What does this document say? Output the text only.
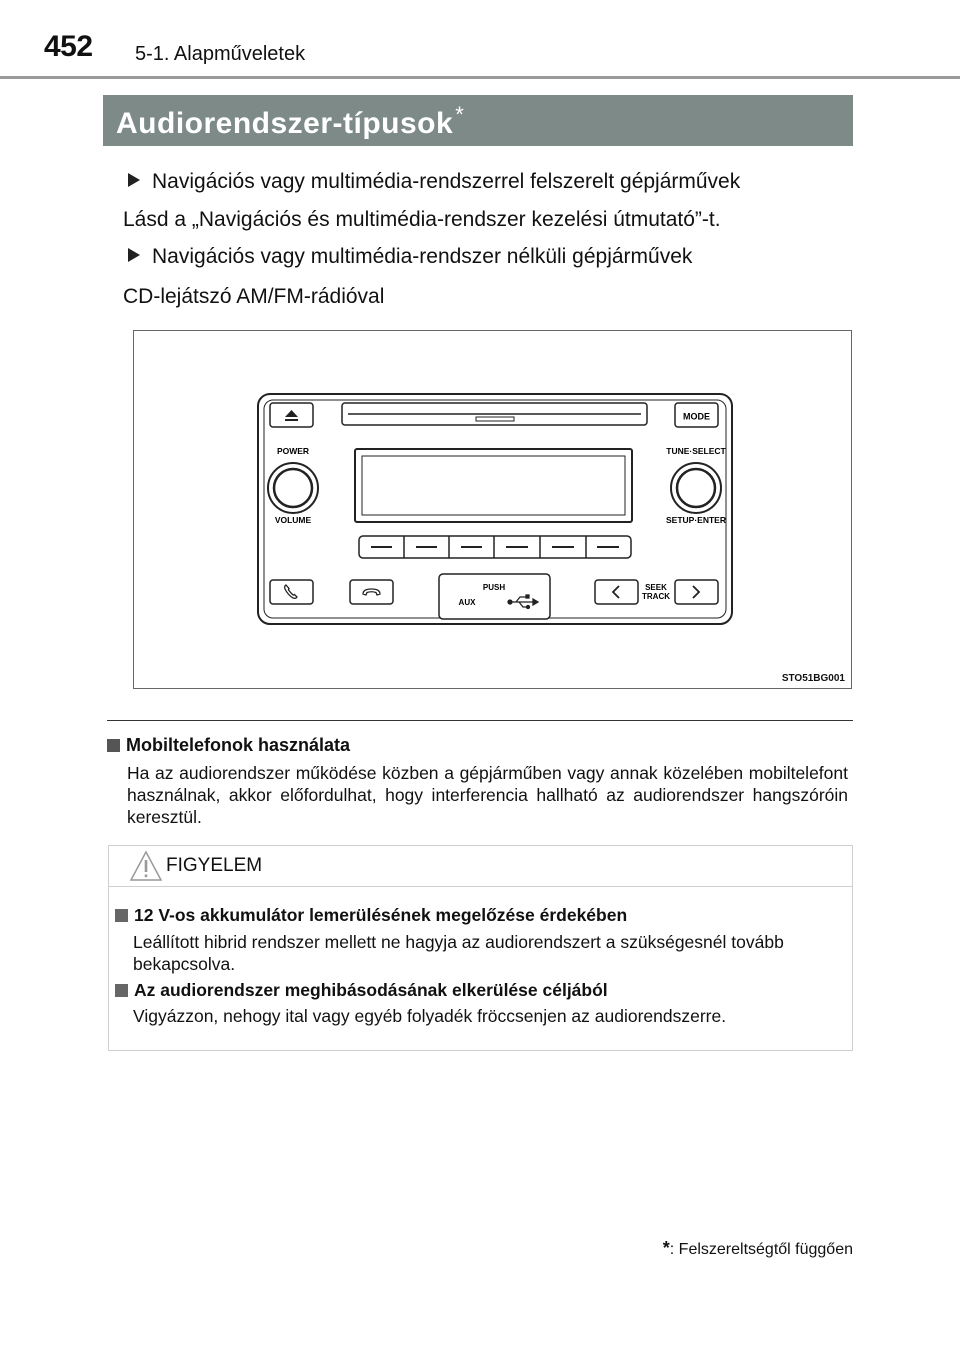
452 5-1. Alapműveletek
Audiorendszer-típusok*
Navigációs vagy multimédia-rendszerrel felszerelt gépjárművek
Lásd a „Navigációs és multimédia-rendszer kezelési útmutató”-t.
Navigációs vagy multimédia-rendszer nélküli gépjárművek
CD-lejátszó AM/FM-rádióval
MODE
POWER
VOLUME
TUNE·SELECT
SETUP·ENTER
PUSH
AUX
SEEK
TRACK
STO51BG001
Mobiltelefonok használata
Ha az audiorendszer működése közben a gépjárműben vagy annak közelében mobiltelefont használnak, akkor előfordulhat, hogy interferencia hallható az audiorendszer hangszóróin keresztül.
FIGYELEM
12 V-os akkumulátor lemerülésének megelőzése érdekében
Leállított hibrid rendszer mellett ne hagyja az audiorendszert a szükségesnél tovább bekapcsolva.
Az audiorendszer meghibásodásának elkerülése céljából
Vigyázzon, nehogy ital vagy egyéb folyadék fröccsenjen az audiorendszerre.
*: Felszereltségtől függően
